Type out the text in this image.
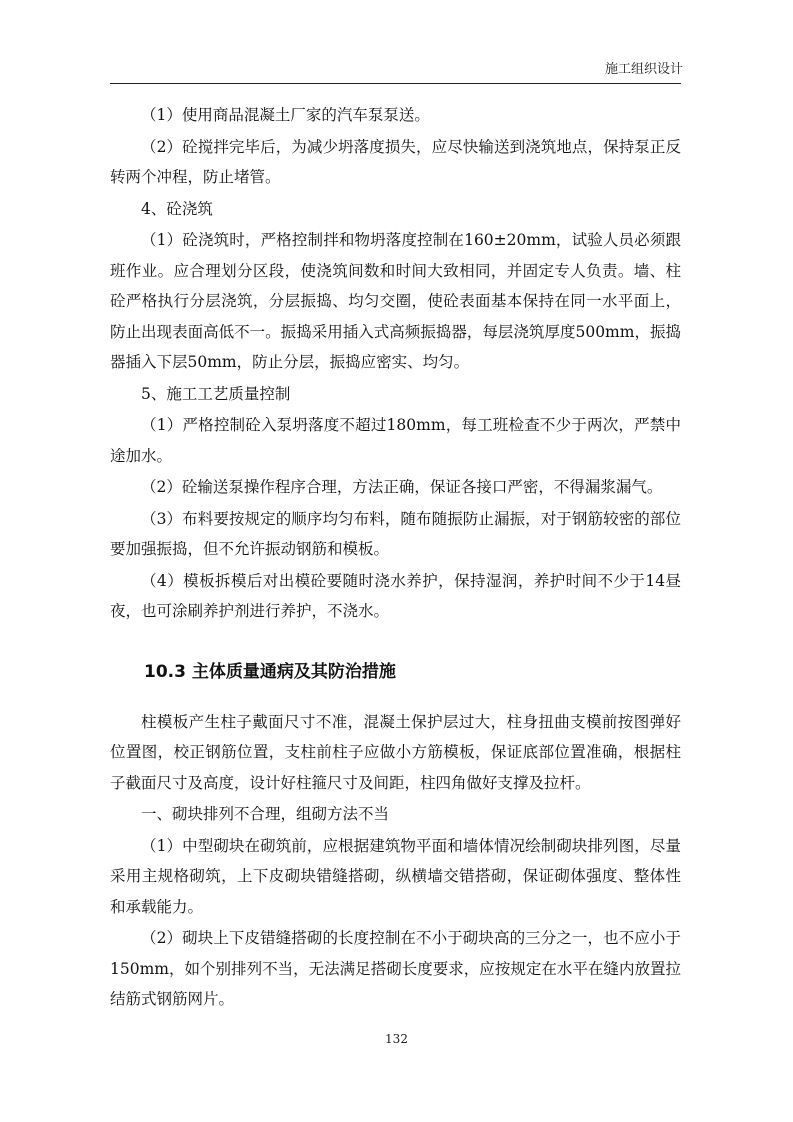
施工组织设计

（1）使用商品混凝土厂家的汽车泵泵送。

（2）砼搅拌完毕后，为减少坍落度损失，应尽快输送到浇筑地点，保持泵正反转两个冲程，防止堵管。

4、砼浇筑

（1）砼浇筑时，严格控制拌和物坍落度控制在160±20mm，试验人员必须跟班作业。应合理划分区段，使浇筑间数和时间大致相同，并固定专人负责。墙、柱砼严格执行分层浇筑，分层振捣、均匀交圈，使砼表面基本保持在同一水平面上，防止出现表面高低不一。振捣采用插入式高频振捣器，每层浇筑厚度500mm，振捣器插入下层50mm，防止分层，振捣应密实、均匀。

5、施工工艺质量控制

（1）严格控制砼入泵坍落度不超过180mm，每工班检查不少于两次，严禁中途加水。

（2）砼输送泵操作程序合理，方法正确，保证各接口严密，不得漏浆漏气。

（3）布料要按规定的顺序均匀布料，随布随振防止漏振，对于钢筋较密的部位要加强振捣，但不允许振动钢筋和模板。

（4）模板拆模后对出模砼要随时浇水养护，保持湿润，养护时间不少于14昼夜，也可涂刷养护剂进行养护，不浇水。

10.3 主体质量通病及其防治措施

柱模板产生柱子戴面尺寸不准，混凝土保护层过大，柱身扭曲支模前按图弹好位置图，校正钢筋位置，支柱前柱子应做小方筋模板，保证底部位置准确，根据柱子截面尺寸及高度，设计好柱箍尺寸及间距，柱四角做好支撑及拉杆。

一、砌块排列不合理，组砌方法不当

（1）中型砌块在砌筑前，应根据建筑物平面和墙体情况绘制砌块排列图，尽量采用主规格砌筑，上下皮砌块错缝搭砌，纵横墙交错搭砌，保证砌体强度、整体性和承载能力。

（2）砌块上下皮错缝搭砌的长度控制在不小于砌块高的三分之一，也不应小于150mm，如个别排列不当，无法满足搭砌长度要求，应按规定在水平在缝内放置拉结筋式钢筋网片。

132
